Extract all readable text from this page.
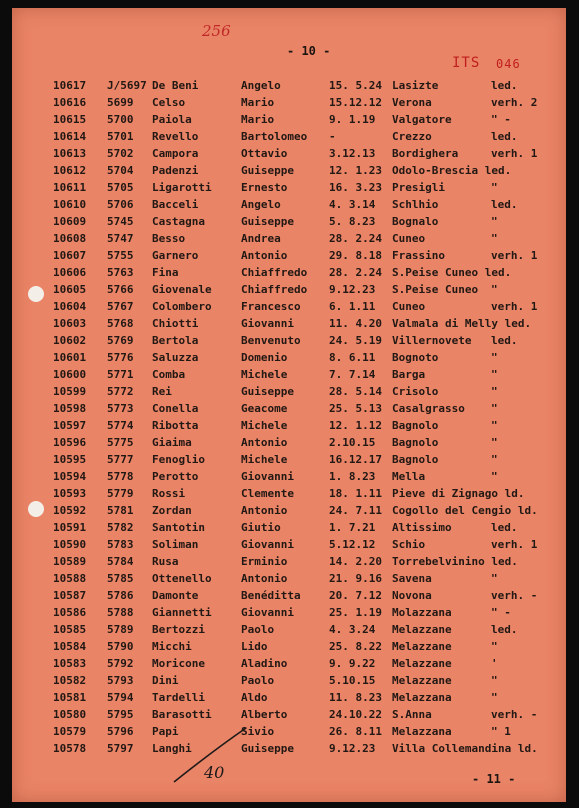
256
- 10 -
ITS 046
10617 J/5697 De Beni	Angelo	15. 5.24 Lasizte	led.
10616 5699 Celso	Mario	15.12.12 Verona	verh. 2
10615 5700 Paiola	Mario	9. 1.19 Valgatore	" -
10614 5701 Revello	Bartolomeo -	Crezzo	led.
10613 5702 Campora	Ottavio	3.12.13 Bordighera	verh. 1
10612 5704 Padenzi	Guiseppe	12. 1.23 Odolo-Brescia led.
10611 5705 Ligarotti	Ernesto	16. 3.23 Presigli	"
10610 5706 Bacceli	Angelo	4. 3.14 Schlhio	led.
10609 5745 Castagna	Guiseppe	5. 8.23 Bognalo	"
10608 5747 Besso	Andrea	28. 2.24 Cuneo	"
10607 5755 Garnero	Antonio	29. 8.18 Frassino	verh. 1
10606 5763 Fina	Chiaffredo 28. 2.24 S.Peise Cuneo led.
10605 5766 Giovenale	Chiaffredo 9.12.23 S.Peise Cuneo "
10604 5767 Colombero	Francesco	6. 1.11 Cuneo	verh. 1
10603 5768 Chiotti	Giovanni	11. 4.20 Valmala di Melly led.
10602 5769 Bertola	Benvenuto	24. 5.19 Villernovete led.
10601 5776 Saluzza	Domenio	8. 6.11 Bognoto	"
10600 5771 Comba	Michele	7. 7.14 Barga	"
10599 5772 Rei	Guiseppe	28. 5.14 Crisolo	"
10598 5773 Conella	Geacome	25. 5.13 Casalgrasso "
10597 5774 Ribotta	Michele	12. 1.12 Bagnolo	"
10596 5775 Giaima	Antonio	2.10.15 Bagnolo	"
10595 5777 Fenoglio	Michele	16.12.17 Bagnolo	"
10594 5778 Perotto	Giovanni	1. 8.23 Mella	"
10593 5779 Rossi	Clemente	18. 1.11 Pieve di Zignago ld.
10592 5781 Zordan	Antonio	24. 7.11 Cogollo del Cengio ld.
10591 5782 Santotin	Giutio	1. 7.21 Altissimo	led.
10590 5783 Soliman	Giovanni	5.12.12 Schio	verh. 1
10589 5784 Rusa	Erminio	14. 2.20 Torrebelvinino led.
10588 5785 Ottenello	Antonio	21. 9.16 Savena	"
10587 5786 Damonte	Benéditta	20. 7.12 Novona	verh. -
10586 5788 Giannetti	Giovanni	25. 1.19 Molazzana	" -
10585 5789 Bertozzi	Paolo	4. 3.24 Melazzane	led.
10584 5790 Micchi	Lido	25. 8.22 Melazzane	"
10583 5792 Moricone	Aladino	9. 9.22 Melazzane	'
10582 5793 Dini	Paolo	5.10.15 Melazzane	"
10581 5794 Tardelli	Aldo	11. 8.23 Melazzana	"
10580 5795 Barasotti	Alberto	24.10.22 S.Anna	verh. -
10579 5796 Papi	Sivio	26. 8.11 Melazzana	" 1
10578 5797 Langhi	Guiseppe	9.12.23 Villa Collemandina ld.
40	- 11 -
